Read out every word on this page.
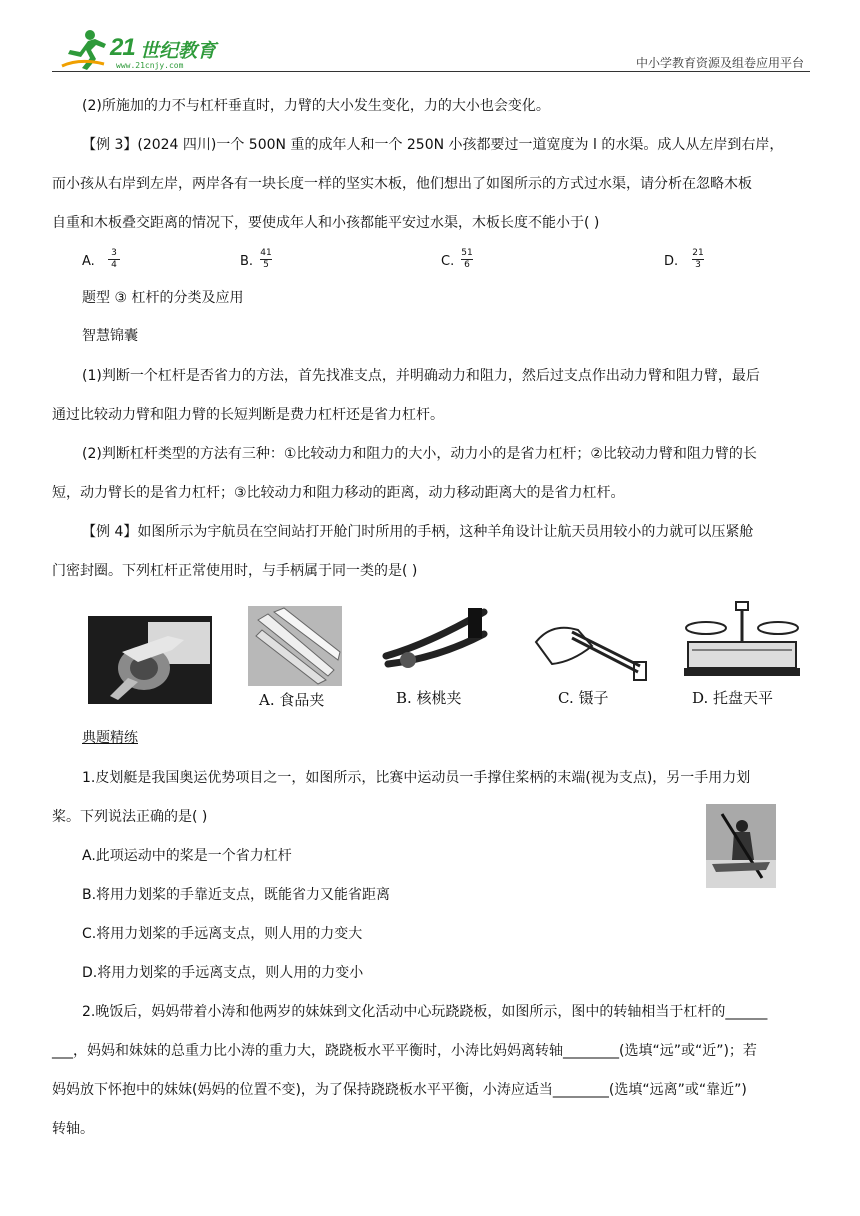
21 世纪教育
www.21cnjy.com	中小学教育资源及组卷应用平台
(2)所施加的力不与杠杆垂直时，力臂的大小发生变化，力的大小也会变化。
【例 3】(2024 四川)一个 500N 重的成年人和一个 250N 小孩都要过一道宽度为 l 的水渠。成人从左岸到右岸，
而小孩从右岸到左岸，两岸各有一块长度一样的坚实木板，他们想出了如图所示的方式过水渠，请分析在忽略木板
自重和木板叠交距离的情况下，要使成年人和小孩都能平安过水渠，木板长度不能小于( )
A.
3
4	B.
41
5	C.
51
6	D.
21
3
题型 ③ 杠杆的分类及应用
智慧锦囊
(1)判断一个杠杆是否省力的方法，首先找准支点，并明确动力和阻力，然后过支点作出动力臂和阻力臂，最后
通过比较动力臂和阻力臂的长短判断是费力杠杆还是省力杠杆。
(2)判断杠杆类型的方法有三种：①比较动力和阻力的大小，动力小的是省力杠杆；②比较动力臂和阻力臂的长
短，动力臂长的是省力杠杆；③比较动力和阻力移动的距离，动力移动距离大的是省力杠杆。
【例 4】如图所示为宇航员在空间站打开舱门时所用的手柄，这种羊角设计让航天员用较小的力就可以压紧舱
门密封圈。下列杠杆正常使用时，与手柄属于同一类的是( )
A. 食品夹	B. 核桃夹	C. 镊子	D. 托盘天平
典题精练
1.皮划艇是我国奥运优势项目之一，如图所示，比赛中运动员一手撑住桨柄的末端(视为支点)，另一手用力划
桨。下列说法正确的是( )
A.此项运动中的桨是一个省力杠杆
B.将用力划桨的手靠近支点，既能省力又能省距离
C.将用力划桨的手远离支点，则人用的力变大
D.将用力划桨的手远离支点，则人用的力变小
2.晚饭后，妈妈带着小涛和他两岁的妹妹到文化活动中心玩跷跷板，如图所示，图中的转轴相当于杠杆的______
___，妈妈和妹妹的总重力比小涛的重力大，跷跷板水平平衡时，小涛比妈妈离转轴________(选填“远”或“近”)；若
妈妈放下怀抱中的妹妹(妈妈的位置不变)，为了保持跷跷板水平平衡，小涛应适当________(选填“远离”或“靠近”)
转轴。
